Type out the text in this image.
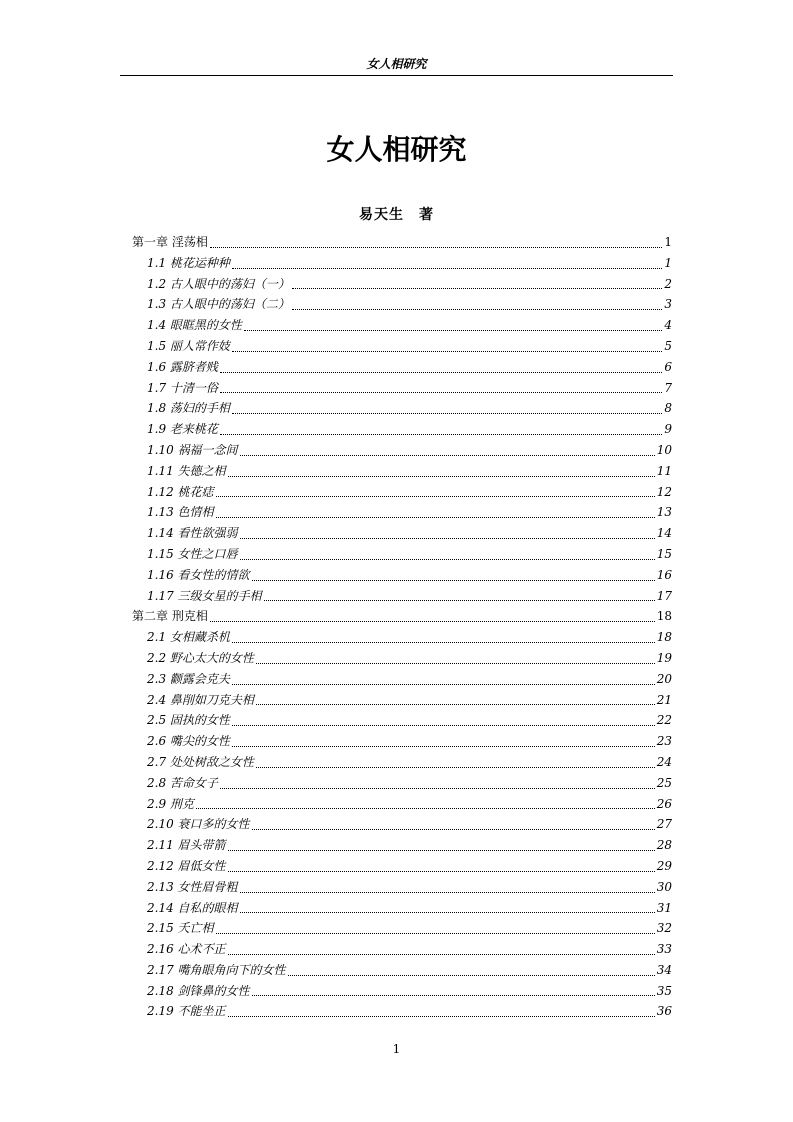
女人相研究
女人相研究
易天生　著
第一章 淫荡相	1
1.1 桃花运种种	1
1.2 古人眼中的荡妇（一）	2
1.3 古人眼中的荡妇（二）	3
1.4 眼眶黑的女性	4
1.5 丽人常作妓	5
1.6 露脐者贱	6
1.7 十清一俗	7
1.8 荡妇的手相	8
1.9 老来桃花	9
1.10 祸福一念间	10
1.11 失德之相	11
1.12 桃花痣	12
1.13 色情相	13
1.14 看性欲强弱	14
1.15 女性之口唇	15
1.16 看女性的情欲	16
1.17 三级女星的手相	17
第二章 刑克相	18
2.1 女相藏杀机	18
2.2 野心太大的女性	19
2.3 颧露会克夫	20
2.4 鼻削如刀克夫相	21
2.5 固执的女性	22
2.6 嘴尖的女性	23
2.7 处处树敌之女性	24
2.8 苦命女子	25
2.9 刑克	26
2.10 衰口多的女性	27
2.11 眉头带箭	28
2.12 眉低女性	29
2.13 女性眉骨粗	30
2.14 自私的眼相	31
2.15 夭亡相	32
2.16 心术不正	33
2.17 嘴角眼角向下的女性	34
2.18 剑锋鼻的女性	35
2.19 不能坐正	36
1
